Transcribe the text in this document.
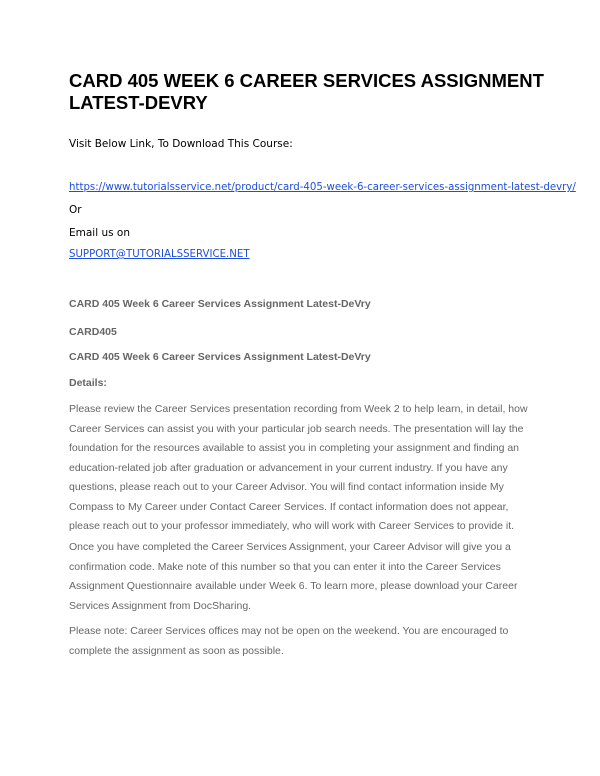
CARD 405 WEEK 6 CAREER SERVICES ASSIGNMENT LATEST-DEVRY
Visit Below Link, To Download This Course:
https://www.tutorialsservice.net/product/card-405-week-6-career-services-assignment-latest-devry/
Or
Email us on
SUPPORT@TUTORIALSSERVICE.NET
CARD 405 Week 6 Career Services Assignment Latest-DeVry
CARD405
CARD 405 Week 6 Career Services Assignment Latest-DeVry
Details:

Please review the Career Services presentation recording from Week 2 to help learn, in detail, how Career Services can assist you with your particular job search needs. The presentation will lay the foundation for the resources available to assist you in completing your assignment and finding an education-related job after graduation or advancement in your current industry. If you have any questions, please reach out to your Career Advisor. You will find contact information inside My Compass to My Career under Contact Career Services. If contact information does not appear, please reach out to your professor immediately, who will work with Career Services to provide it.

Once you have completed the Career Services Assignment, your Career Advisor will give you a confirmation code. Make note of this number so that you can enter it into the Career Services Assignment Questionnaire available under Week 6. To learn more, please download your Career Services Assignment from DocSharing.

Please note: Career Services offices may not be open on the weekend. You are encouraged to complete the assignment as soon as possible.
